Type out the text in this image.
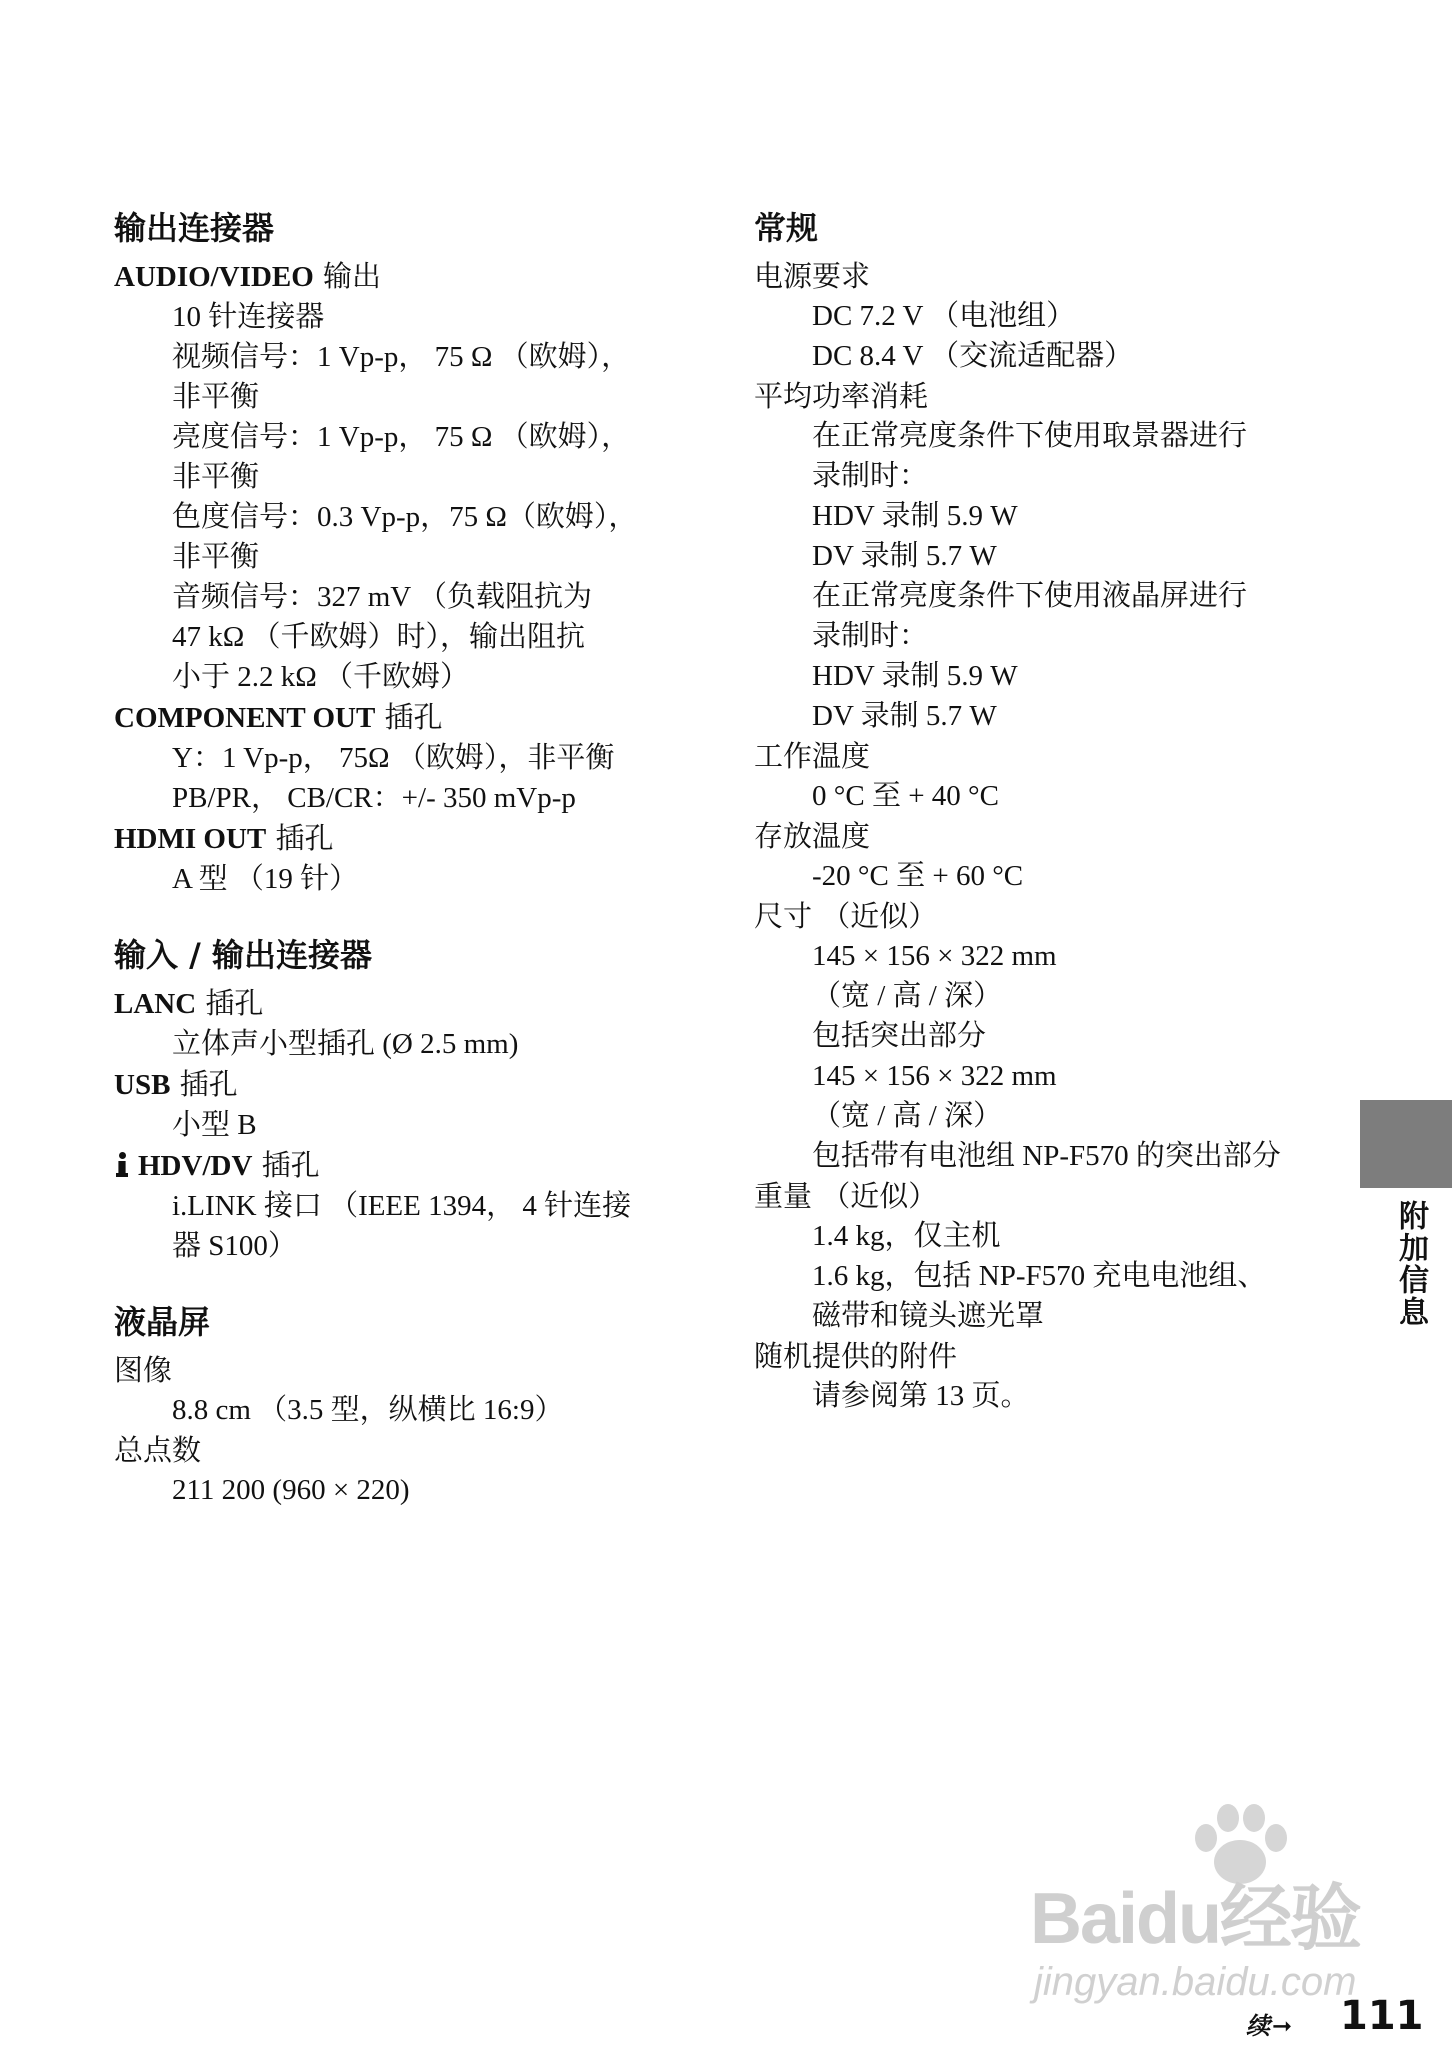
输出连接器
AUDIO/VIDEO 输出
10 针连接器
视频信号：1 Vp-p， 75 Ω （欧姆），
非平衡
亮度信号：1 Vp-p， 75 Ω （欧姆），
非平衡
色度信号：0.3 Vp-p，75 Ω（欧姆），
非平衡
音频信号：327 mV （负载阻抗为
47 kΩ （千欧姆）时），输出阻抗
小于 2.2 kΩ （千欧姆）
COMPONENT OUT 插孔
Y：1 Vp-p， 75Ω （欧姆），非平衡
PB/PR， CB/CR：+/- 350 mVp-p
HDMI OUT 插孔
A 型 （19 针）
输入 / 输出连接器
LANC 插孔
立体声小型插孔 (Ø 2.5 mm)
USB 插孔
小型 B
HDV/DV 插孔
i.LINK 接口 （IEEE 1394， 4 针连接
器 S100）
液晶屏
图像
8.8 cm （3.5 型，纵横比 16:9）
总点数
211 200 (960 × 220)
常规
电源要求
DC 7.2 V （电池组）
DC 8.4 V （交流适配器）
平均功率消耗
在正常亮度条件下使用取景器进行
录制时：
HDV 录制 5.9 W
DV 录制 5.7 W
在正常亮度条件下使用液晶屏进行
录制时：
HDV 录制 5.9 W
DV 录制 5.7 W
工作温度
0 °C 至 + 40 °C
存放温度
-20 °C 至 + 60 °C
尺寸 （近似）
145 × 156 × 322 mm
（宽 / 高 / 深）
包括突出部分
145 × 156 × 322 mm
（宽 / 高 / 深）
包括带有电池组 NP-F570 的突出部分
重量 （近似）
1.4 kg，仅主机
1.6 kg，包括 NP-F570 充电电池组、
磁带和镜头遮光罩
随机提供的附件
请参阅第 13 页。
附加信息
Baidu经验
jingyan.baidu.com
续➞ 111
